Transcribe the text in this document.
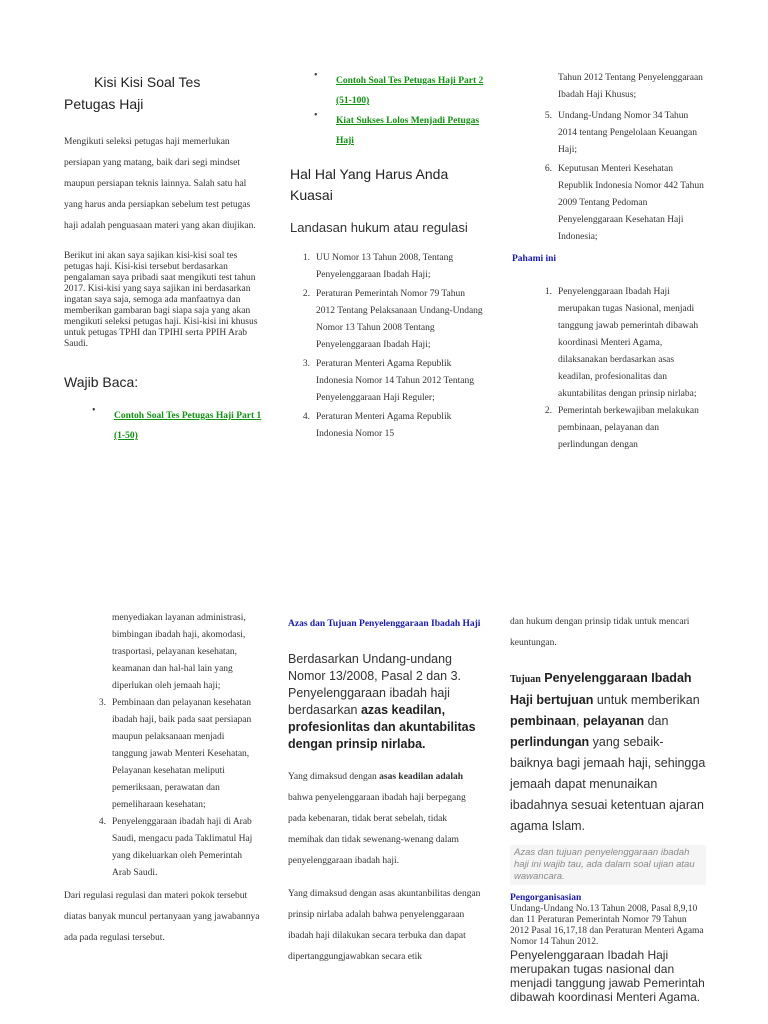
Kisi Kisi Soal Tes
Petugas Haji

Mengikuti seleksi petugas haji memerlukan persiapan yang matang, baik dari segi mindset maupun persiapan teknis lainnya. Salah satu hal yang harus anda persiapkan sebelum test petugas haji adalah penguasaan materi yang akan diujikan.

Berikut ini akan saya sajikan kisi-kisi soal tes petugas haji. Kisi-kisi tersebut berdasarkan pengalaman saya pribadi saat mengikuti test tahun 2017. Kisi-kisi yang saya sajikan ini berdasarkan ingatan saya saja, semoga ada manfaatnya dan memberikan gambaran bagi siapa saja yang akan mengikuti seleksi petugas haji. Kisi-kisi ini khusus untuk petugas TPHI dan TPIHI serta PPIH Arab Saudi.

Wajib Baca:
• Contoh Soal Tes Petugas Haji Part 1 (1-50)
• Contoh Soal Tes Petugas Haji Part 2 (51-100)
• Kiat Sukses Lolos Menjadi Petugas Haji
Hal Hal Yang Harus Anda Kuasai
Landasan hukum atau regulasi
1. UU Nomor 13 Tahun 2008, Tentang Penyelenggaraan Ibadah Haji;
2. Peraturan Pemerintah Nomor 79 Tahun 2012 Tentang Pelaksanaan Undang-Undang Nomor 13 Tahun 2008 Tentang Penyelenggaraan Ibadah Haji;
3. Peraturan Menteri Agama Republik Indonesia Nomor 14 Tahun 2012 Tentang Penyelenggaraan Haji Reguler;
4. Peraturan Menteri Agama Republik Indonesia Nomor 15

Tahun 2012 Tentang Penyelenggaraan Ibadah Haji Khusus;

5. Undang-Undang Nomor 34 Tahun 2014 tentang Pengelolaan Keuangan Haji;
6. Keputusan Menteri Kesehatan Republik Indonesia Nomor 442 Tahun 2009 Tentang Pedoman Penyelenggaraan Kesehatan Haji Indonesia;
Pahami ini
1. Penyelenggaraan Ibadah Haji merupakan tugas Nasional, menjadi tanggung jawab pemerintah dibawah koordinasi Menteri Agama, dilaksanakan berdasarkan asas keadilan, profesionalitas dan akuntabilitas dengan prinsip nirlaba;
2. Pemerintah berkewajiban melakukan pembinaan, pelayanan dan perlindungan dengan

menyediakan layanan administrasi, bimbingan ibadah haji, akomodasi, trasportasi, pelayanan kesehatan, keamanan dan hal-hal lain yang diperlukan oleh jemaah haji;

3. Pembinaan dan pelayanan kesehatan ibadah haji, baik pada saat persiapan maupun pelaksanaan menjadi tanggung jawab Menteri Kesehatan, Pelayanan kesehatan meliputi pemeriksaan, perawatan dan pemeliharaan kesehatan;
4. Penyelenggaraan ibadah haji di Arab Saudi, mengacu pada Taklimatul Haj yang dikeluarkan oleh Pemerintah Arab Saudi.

Dari regulasi regulasi dan materi pokok tersebut diatas banyak muncul pertanyaan yang jawabannya ada pada regulasi tersebut.

Azas dan Tujuan Penyelenggaraan Ibadah Haji

Berdasarkan Undang-undang Nomor 13/2008, Pasal 2 dan 3. Penyelenggaraan ibadah haji berdasarkan azas keadilan, profesionlitas dan akuntabilitas dengan prinsip nirlaba.

Yang dimaksud dengan asas keadilan adalah bahwa penyelenggaraan ibadah haji berpegang pada kebenaran, tidak berat sebelah, tidak memihak dan tidak sewenang-wenang dalam penyelenggaraan ibadah haji.

Yang dimaksud dengan asas akuntanbilitas dengan prinsip nirlaba adalah bahwa penyelenggaraan ibadah haji dilakukan secara terbuka dan dapat dipertanggungjawabkan secara etik

dan hukum dengan prinsip tidak untuk mencari keuntungan.

Tujuan Penyelenggaraan Ibadah Haji bertujuan untuk memberikan pembinaan, pelayanan dan perlindungan yang sebaik-baiknya bagi jemaah haji, sehingga jemaah dapat menunaikan ibadahnya sesuai ketentuan ajaran agama Islam.

Azas dan tujuan penyelenggaraan ibadah haji ini wajib tau, ada dalam soal ujian atau wawancara.
Pengorganisasian

Undang-Undang No.13 Tahun 2008, Pasal 8,9,10 dan 11 Peraturan Pemerintah Nomor 79 Tahun 2012 Pasal 16,17,18 dan Peraturan Menteri Agama Nomor 14 Tahun 2012.

Penyelenggaraan Ibadah Haji merupakan tugas nasional dan menjadi tanggung jawab Pemerintah dibawah koordinasi Menteri Agama.
